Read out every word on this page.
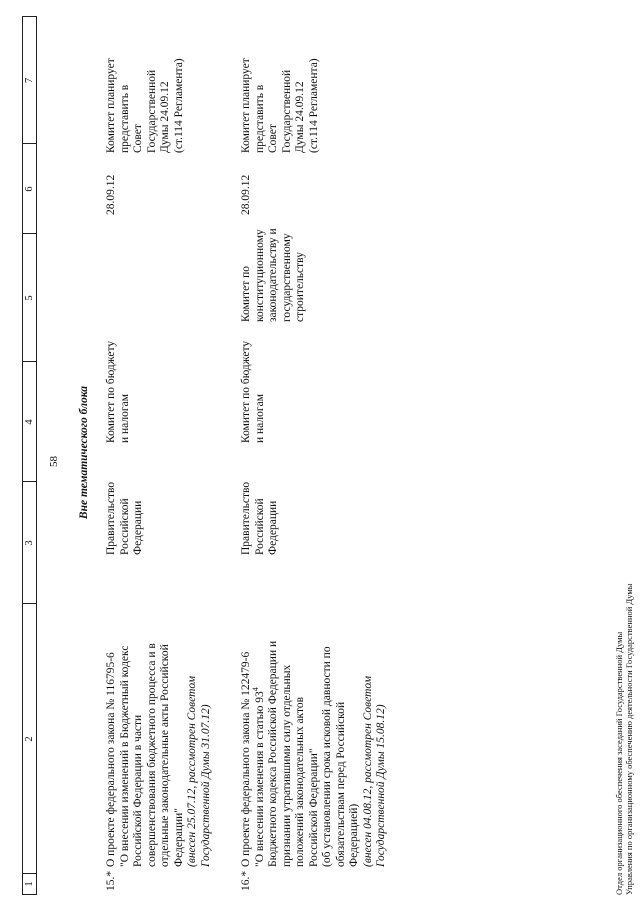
58
1
2
3
4
5
6
7
Вне тематического блока
15.*
О проекте федерального закона № 116795-6 "О внесении изменений в Бюджетный кодекс Российской Федерации в части совершенствования бюджетного процесса и в отдельные законодательные акты Российской Федерации" (внесен 25.07.12, рассмотрен Советом Государственной Думы 31.07.12)
Правительство Российской Федерации
Комитет по бюджету и налогам
28.09.12
Комитет планирует представить в Совет Государственной Думы 24.09.12 (ст.114 Регламента)
16.*
О проекте федерального закона № 122479-6 "О внесении изменения в статью $93^4$ Бюджетного кодекса Российской Федерации и признании утратившими силу отдельных положений законодательных актов Российской Федерации" (об установлении срока исковой давности по обязательствам перед Российской Федерацией) (внесен 04.08.12, рассмотрен Советом Государственной Думы 15.08.12)
Правительство Российской Федерации
Комитет по бюджету и налогам
Комитет по конституционному законодательству и государственному строительству
28.09.12
Комитет планирует представить в Совет Государственной Думы 24.09.12 (ст.114 Регламента)
Отдел организационного обеспечения заседаний Государственной Думы Управления по организационному обеспечению деятельности Государственной Думы
